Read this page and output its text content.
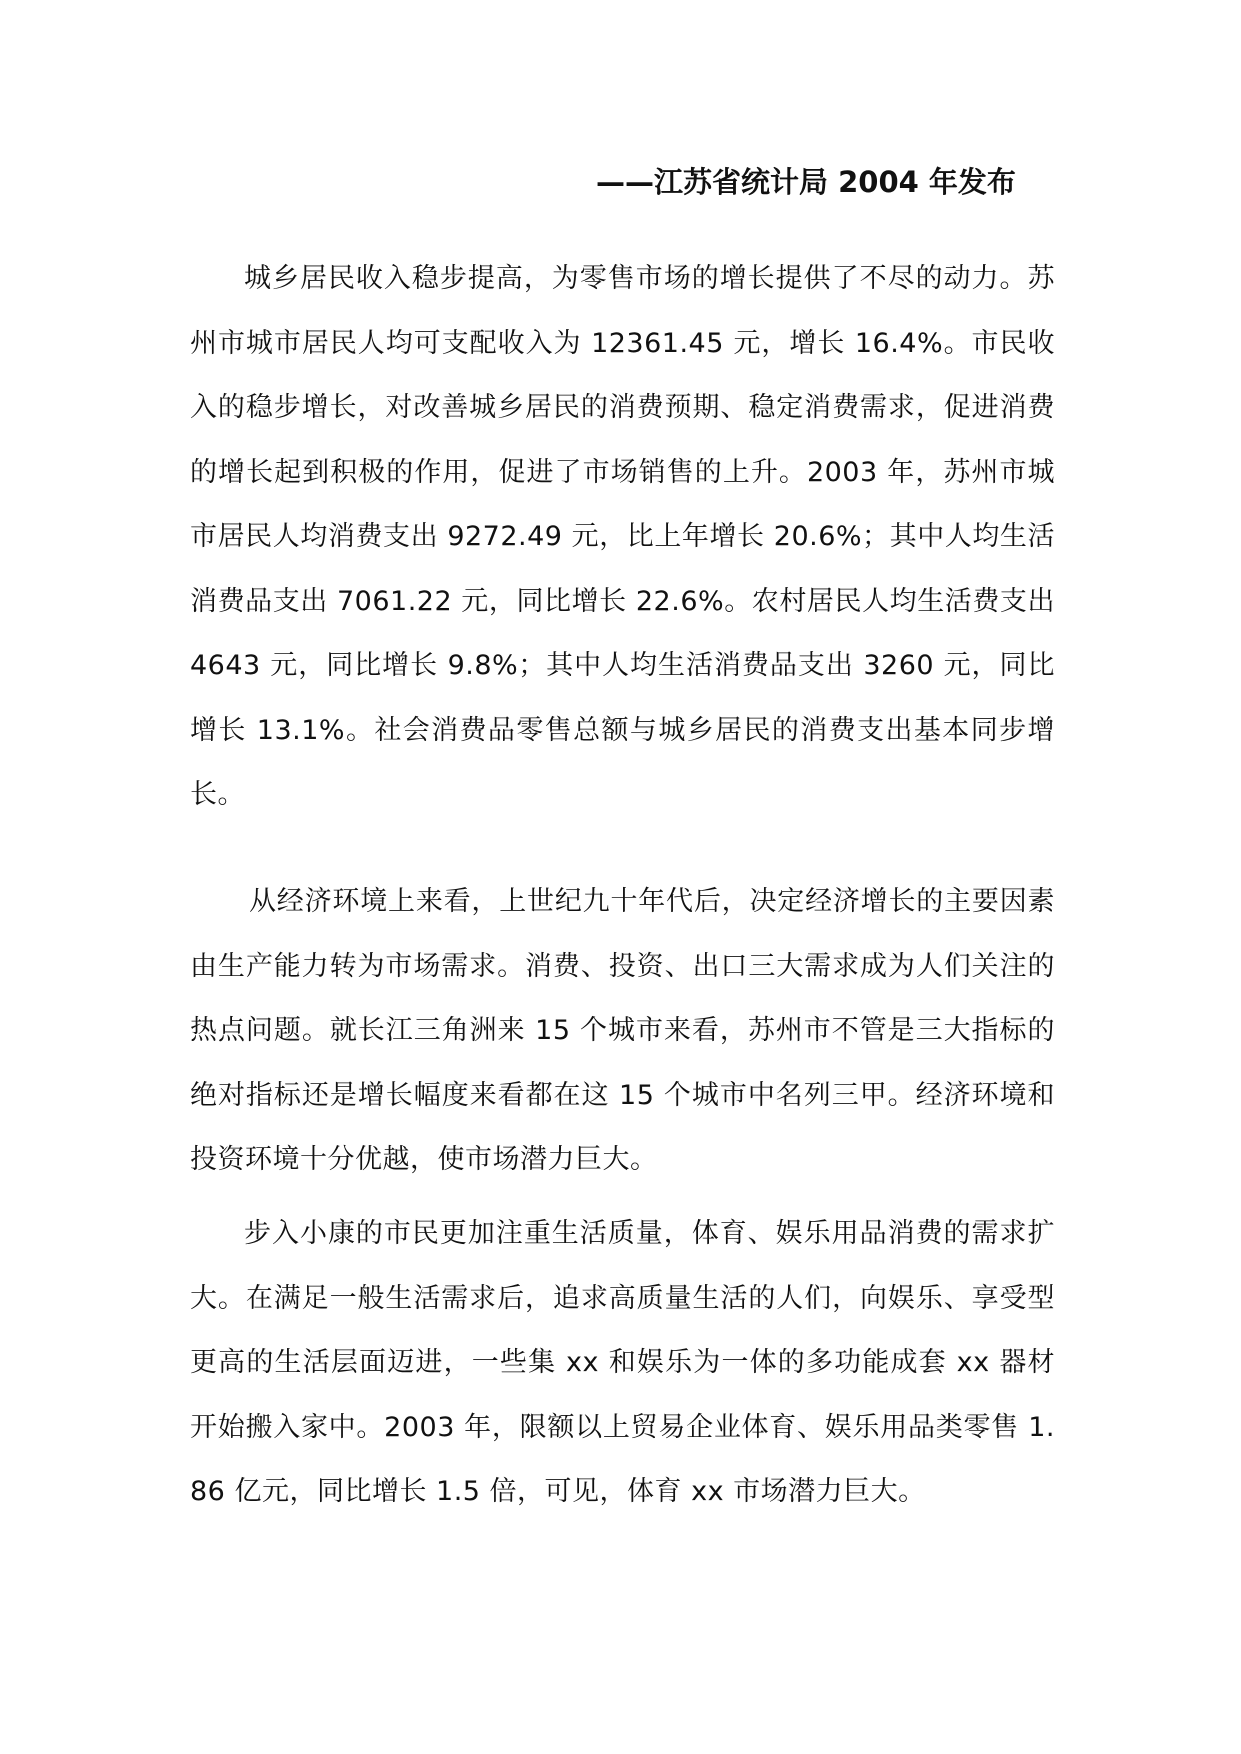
——江苏省统计局 2004 年发布

城乡居民收入稳步提高，为零售市场的增长提供了不尽的动力。苏州市城市居民人均可支配收入为 12361.45 元，增长 16.4%。市民收入的稳步增长，对改善城乡居民的消费预期、稳定消费需求，促进消费的增长起到积极的作用，促进了市场销售的上升。2003 年，苏州市城市居民人均消费支出 9272.49 元，比上年增长 20.6%；其中人均生活消费品支出 7061.22 元，同比增长 22.6%。农村居民人均生活费支出 4643 元，同比增长 9.8%；其中人均生活消费品支出 3260 元，同比增长 13.1%。社会消费品零售总额与城乡居民的消费支出基本同步增长。

从经济环境上来看，上世纪九十年代后，决定经济增长的主要因素由生产能力转为市场需求。消费、投资、出口三大需求成为人们关注的热点问题。就长江三角洲来 15 个城市来看，苏州市不管是三大指标的绝对指标还是增长幅度来看都在这 15 个城市中名列三甲。经济环境和投资环境十分优越，使市场潜力巨大。

步入小康的市民更加注重生活质量，体育、娱乐用品消费的需求扩大。在满足一般生活需求后，追求高质量生活的人们，向娱乐、享受型更高的生活层面迈进，一些集 xx 和娱乐为一体的多功能成套 xx 器材开始搬入家中。2003 年，限额以上贸易企业体育、娱乐用品类零售 1.86 亿元，同比增长 1.5 倍，可见，体育 xx 市场潜力巨大。
